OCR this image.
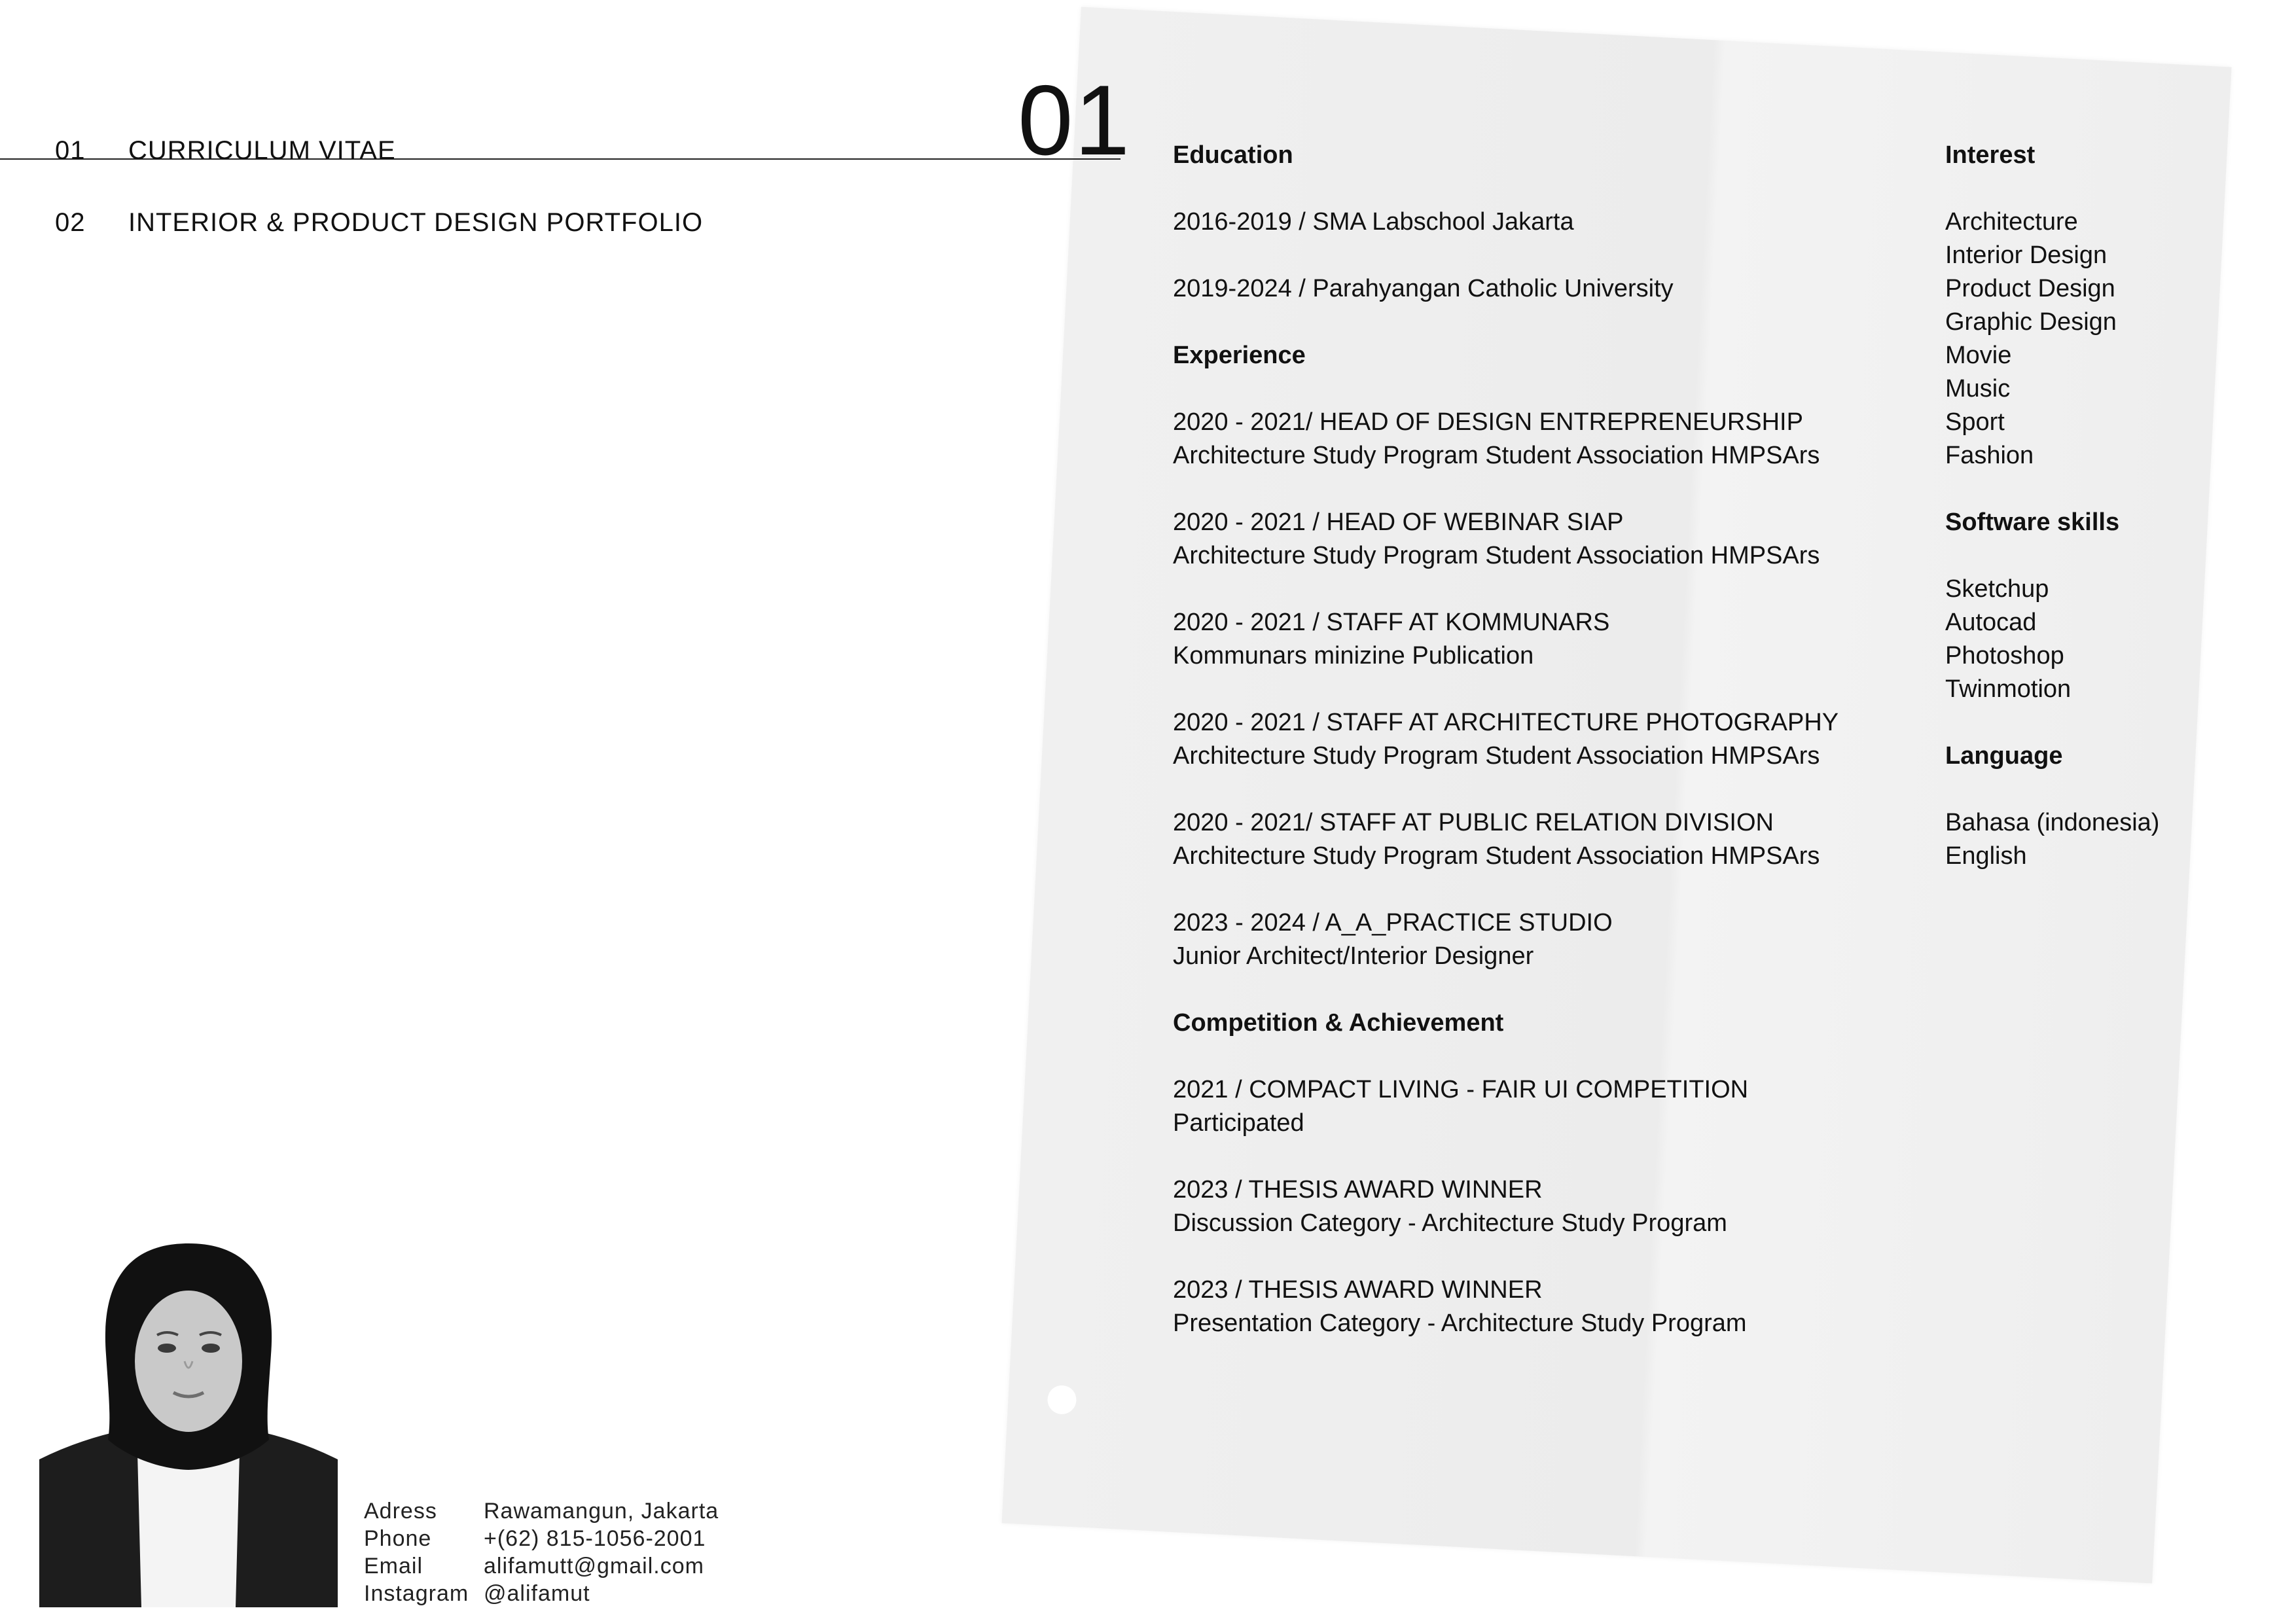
01
01 CURRICULUM VITAE
02 INTERIOR & PRODUCT DESIGN PORTFOLIO
Adress	Rawamangun, Jakarta
Phone	+(62) 815-1056-2001
Email	alifamutt@gmail.com
Instagram @alifamut
Education
2016-2019 / SMA Labschool Jakarta
2019-2024 / Parahyangan Catholic University
Experience
2020 - 2021/ HEAD OF DESIGN ENTREPRENEURSHIP
Architecture Study Program Student Association HMPSArs
2020 - 2021 / HEAD OF WEBINAR SIAP
Architecture Study Program Student Association HMPSArs
2020 - 2021 / STAFF AT KOMMUNARS
Kommunars minizine Publication
2020 - 2021 / STAFF AT ARCHITECTURE PHOTOGRAPHY
Architecture Study Program Student Association HMPSArs
2020 - 2021/ STAFF AT PUBLIC RELATION DIVISION
Architecture Study Program Student Association HMPSArs
2023 - 2024 / A_A_PRACTICE STUDIO
Junior Architect/Interior Designer
Competition & Achievement
2021 / COMPACT LIVING - FAIR UI COMPETITION
Participated
2023 / THESIS AWARD WINNER
Discussion Category - Architecture Study Program
2023 / THESIS AWARD WINNER
Presentation Category - Architecture Study Program
Interest
Architecture
Interior Design
Product Design
Graphic Design
Movie
Music
Sport
Fashion
Software skills
Sketchup
Autocad
Photoshop
Twinmotion
Language
Bahasa (indonesia)
English
